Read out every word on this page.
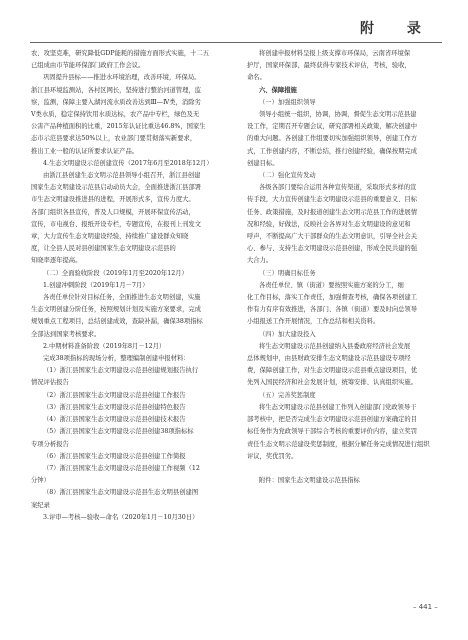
附 录

农、攻坚克难，研究降低GDP能耗的措施方面形式实施，十二五

已组成由市节能环保部门政府工作会议。

巩固提升县标——推进水环境治理，改善环境，环保局。

浙江县环境监测站，各村区网长，坚持进行整治河道管理，监

察，监测，保障主要入湖河流水质改善达到Ⅲ—Ⅳ类，消除劣

Ⅴ类水质，稳定保持饮用水质达标，农产品中专栏，绿色及无

公害产品种植面积的比重，2015年认证比重达46.8%，国家生

态市示范县要求达50%以上，农业部门要贯彻落实新要求，

推出工业一般的认证所要求认证产品。

4.生态文明建设示范创建宣传（2017年6月至2018年12月）

由浙江县创建生态文明示范县领导小组召开，浙江县创建

国家生态文明建设示范县启动动员大会，全面推进浙江县部署

市生态文明建设推进县的进程，开展形式多，宣传力度大。

各部门组织各县宣传，普及人口规模，开展环保宣传活动，

宣传，市电视台、报纸开设专栏，专题宣传，在报刊上刊发文

章，大力宣传生态文明建设经验，持续推广建设群众知晓

度，让全县人民对县创建国家生态文明建设示范县的

知晓率逐年提高。

（二）全面验收阶段（2019年1月至2020年12月）

1.创建冲刺阶段（2019年1月－7月）

各责任单位针对目标任务，全面推进生态文明创建，实施

生态文明创建分阶任务，按照规划计划及实施方案要求，完成

规划重点工程项目，总结创建成效，查缺补漏，确保38项指标

全部达到国家考核要求。

2.中期材料准备阶段（2019年8月－12月）

完成38项指标的现场分析，整理编制创建申报材料：

（1）浙江县国家生态文明建设示范县创建规划报告执行

情况评估报告

（2）浙江县国家生态文明建设示范县创建工作报告

（3）浙江县国家生态文明建设示范县创建特色报告

（4）浙江县国家生态文明建设示范县创建技术报告

（5）浙江县国家生态文明建设示范县创建38项指标标

专项分析报告

（6）浙江县国家生态文明建设示范县创建工作简报

（7）浙江县国家生态文明建设示范县创建工作视频（12

分钟）

（8）浙江县国家生态文明建设示范县生态文明县创建图

案纪录

3.评审—考核—验收—命名（2020年1月－10月30日）

将创建申报材料呈报上级支撑市环保局，云南省环境保

护厅，国家环保部，最终获得专家技术评估，考核，验收，

命名。

六、保障措施

（一）加强组织领导

领导小组统一组织，协调，协调，督促生态文明示范县建

设工作，定期召开专题会议，研究部署相关政策，解决创建中

的重大问题。各创建工作组要切实加强组织领导，创建工作方

式，工作创建内容，不断总结，推行创建经验，确保按期完成

创建目标。

（二）强化宣传发动

各级各部门要综合运用各种宣传渠道，采取形式多样的宣

传手段，大力宣传创建生态文明建设示范县的重要意义、目标

任务、政策措施，及时报道创建生态文明示范县工作的进展情

况和经验，好做法，反映社会各界对生态文明建设的意见和

呼声，不断提高广大干部群众的生态文明意识，引导全社会关

心、参与、支持生态文明建设示范县创建，形成全民共建的强

大合力。

（三）明确目标任务

各责任单位、镇（街道）要按照实施方案的分工，细

化工作目标，落实工作责任，加强督查考核，确保各项创建工

作有力有序有效推进，各部门、各镇（街道）要及时向总领导

小组报送工作开展情况，工作总结和相关资料。

（四）加大建设投入

将生态文明建设示范县创建纳入县委政府经济社会发展

总体规划中，由县财政安排生态文明建设示范县建设专项经

费，保障创建工作，对生态文明建设示范县重点建设项目，优

先列入国民经济和社会发展计划，统筹安排、认真组织实施。

（五）完善奖惩制度

将生态文明建设示范县创建工作列入创建部门党政领导干

部考核中，把是否完成生态文明建设示范县创建方案确定的目

标任务作为党政领导干部综合考核的重要评价内容，建立奖罚

责任生态文明示范建设奖惩制度，根据分解任务完成情况进行组织

评议，奖优罚劣。

附件：国家生态文明建设示范县指标

– 441 –
